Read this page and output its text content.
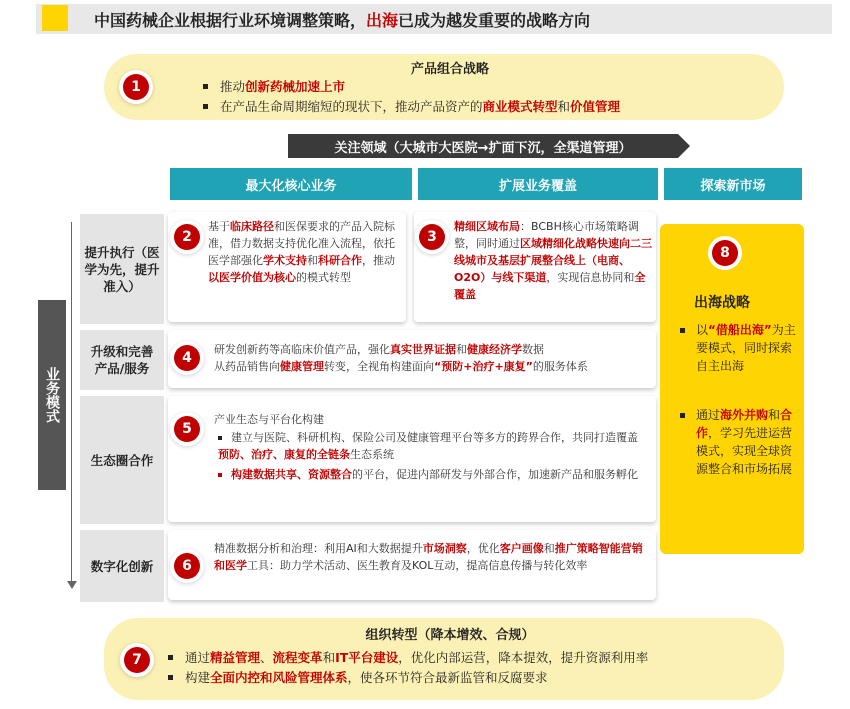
中国药械企业根据行业环境调整策略，出海已成为越发重要的战略方向
1
产品组合战略
推动创新药械加速上市
在产品生命周期缩短的现状下，推动产品资产的商业模式转型和价值管理
关注领域（大城市大医院→扩面下沉，全渠道管理）
最大化核心业务	扩展业务覆盖	探索新市场
业务模式
提升执行（医学为先，提升准入）
升级和完善产品/服务
生态圈合作
数字化创新
2
基于临床路径和医保要求的产品入院标准，借力数据支持优化准入流程，依托医学部强化学术支持和科研合作，推动以医学价值为核心的模式转型
3
精细区域布局：BCBH核心市场策略调整，同时通过区域精细化战略快速向二三线城市及基层扩展整合线上（电商、O2O）与线下渠道，实现信息协同和全覆盖
4
研发创新药等高临床价值产品，强化真实世界证据和健康经济学数据
从药品销售向健康管理转变，全视角构建面向“预防+治疗+康复”的服务体系
5
产业生态与平台化构建
建立与医院、科研机构、保险公司及健康管理平台等多方的跨界合作，共同打造覆盖预防、治疗、康复的全链条生态系统
构建数据共享、资源整合的平台，促进内部研发与外部合作，加速新产品和服务孵化
6
精准数据分析和治理：利用AI和大数据提升市场洞察，优化客户画像和推广策略智能营销和医学工具：助力学术活动、医生教育及KOL互动，提高信息传播与转化效率
8
出海战略
以“借船出海”为主要模式，同时探索自主出海
通过海外并购和合作，学习先进运营模式，实现全球资源整合和市场拓展
7
组织转型（降本增效、合规）
通过精益管理、流程变革和IT平台建设，优化内部运营，降本提效，提升资源利用率
构建全面内控和风险管理体系，使各环节符合最新监管和反腐要求
